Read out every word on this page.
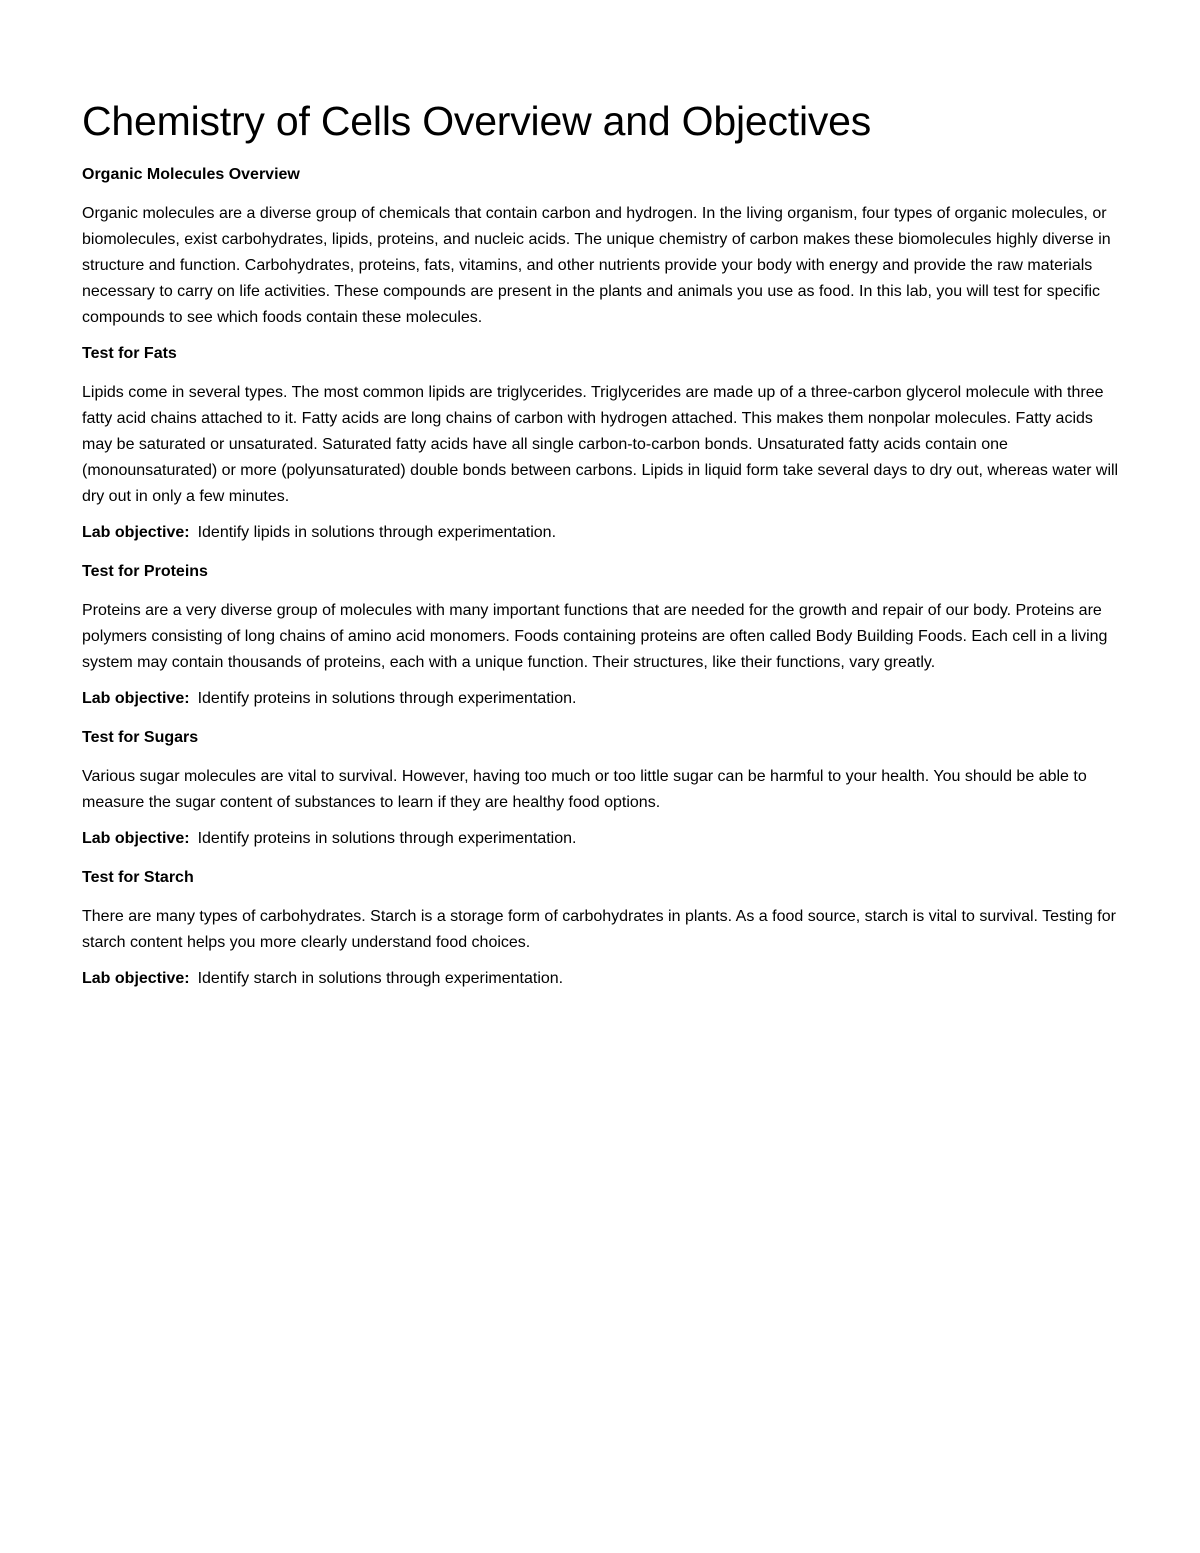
Chemistry of Cells Overview and Objectives
Organic Molecules Overview

Organic molecules are a diverse group of chemicals that contain carbon and hydrogen. In the living organism, four types of organic molecules, or biomolecules, exist carbohydrates, lipids, proteins, and nucleic acids. The unique chemistry of carbon makes these biomolecules highly diverse in structure and function. Carbohydrates, proteins, fats, vitamins, and other nutrients provide your body with energy and provide the raw materials necessary to carry on life activities. These compounds are present in the plants and animals you use as food. In this lab, you will test for specific compounds to see which foods contain these molecules.

Test for Fats

Lipids come in several types. The most common lipids are triglycerides. Triglycerides are made up of a three-carbon glycerol molecule with three fatty acid chains attached to it. Fatty acids are long chains of carbon with hydrogen attached. This makes them nonpolar molecules. Fatty acids may be saturated or unsaturated. Saturated fatty acids have all single carbon-to-carbon bonds. Unsaturated fatty acids contain one (monounsaturated) or more (polyunsaturated) double bonds between carbons. Lipids in liquid form take several days to dry out, whereas water will dry out in only a few minutes.

Lab objective: Identify lipids in solutions through experimentation.
Test for Proteins

Proteins are a very diverse group of molecules with many important functions that are needed for the growth and repair of our body. Proteins are polymers consisting of long chains of amino acid monomers. Foods containing proteins are often called Body Building Foods. Each cell in a living system may contain thousands of proteins, each with a unique function. Their structures, like their functions, vary greatly.

Lab objective: Identify proteins in solutions through experimentation.
Test for Sugars

Various sugar molecules are vital to survival. However, having too much or too little sugar can be harmful to your health. You should be able to measure the sugar content of substances to learn if they are healthy food options.

Lab objective: Identify proteins in solutions through experimentation.
Test for Starch

There are many types of carbohydrates. Starch is a storage form of carbohydrates in plants. As a food source, starch is vital to survival. Testing for starch content helps you more clearly understand food choices.

Lab objective: Identify starch in solutions through experimentation.
